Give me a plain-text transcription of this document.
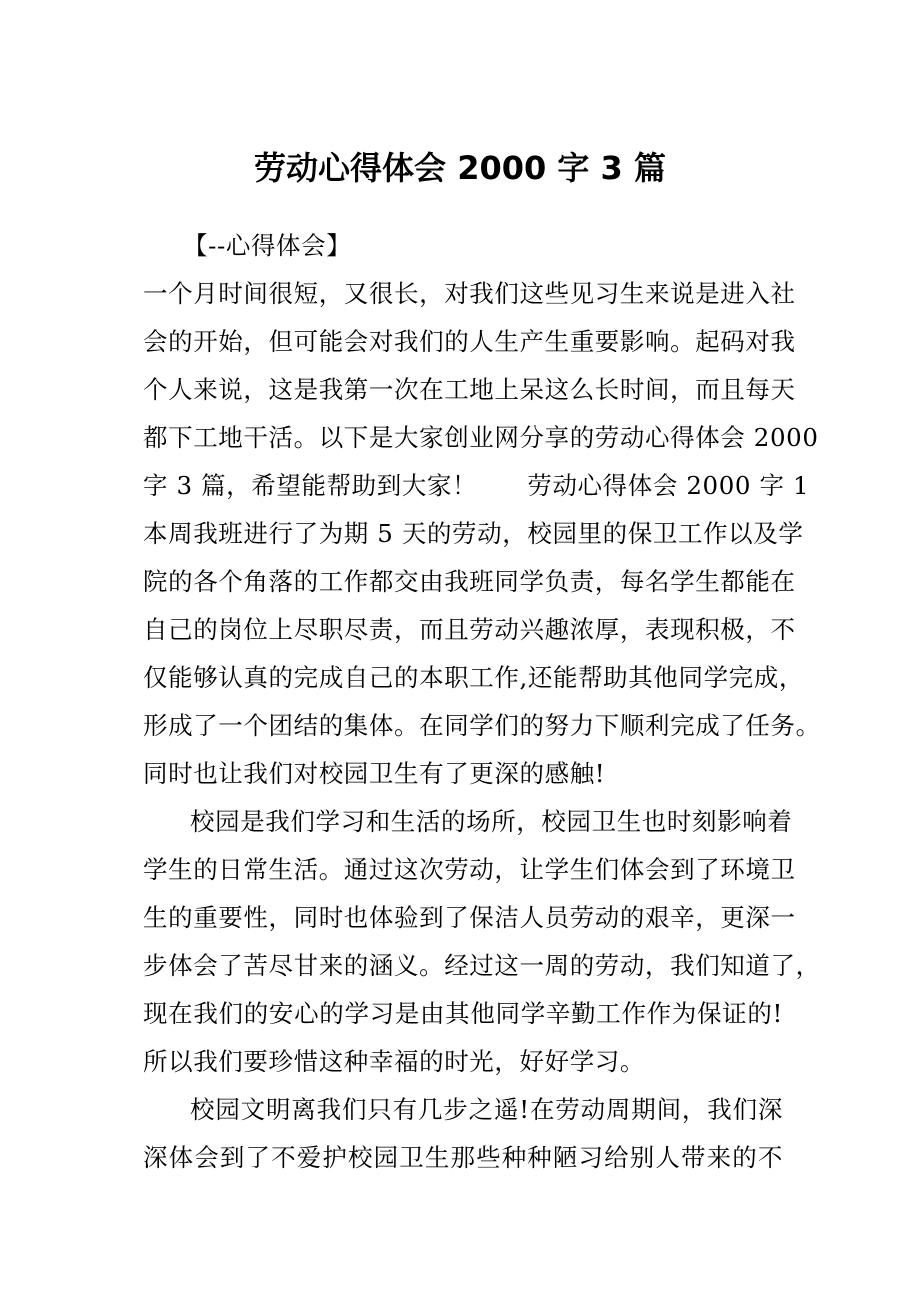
劳动心得体会 2000 字 3 篇
【--心得体会】
一个月时间很短，又很长，对我们这些见习生来说是进入社
会的开始，但可能会对我们的人生产生重要影响。起码对我
个人来说，这是我第一次在工地上呆这么长时间，而且每天
都下工地干活。以下是大家创业网分享的劳动心得体会 2000
字 3 篇，希望能帮助到大家！　　劳动心得体会 2000 字 1
本周我班进行了为期 5 天的劳动，校园里的保卫工作以及学
院的各个角落的工作都交由我班同学负责，每名学生都能在
自己的岗位上尽职尽责，而且劳动兴趣浓厚，表现积极，不
仅能够认真的完成自己的本职工作,还能帮助其他同学完成，
形成了一个团结的集体。在同学们的努力下顺利完成了任务。
同时也让我们对校园卫生有了更深的感触!
校园是我们学习和生活的场所，校园卫生也时刻影响着
学生的日常生活。通过这次劳动，让学生们体会到了环境卫
生的重要性，同时也体验到了保洁人员劳动的艰辛，更深一
步体会了苦尽甘来的涵义。经过这一周的劳动，我们知道了，
现在我们的安心的学习是由其他同学辛勤工作作为保证的!
所以我们要珍惜这种幸福的时光，好好学习。
校园文明离我们只有几步之遥!在劳动周期间，我们深
深体会到了不爱护校园卫生那些种种陋习给别人带来的不
